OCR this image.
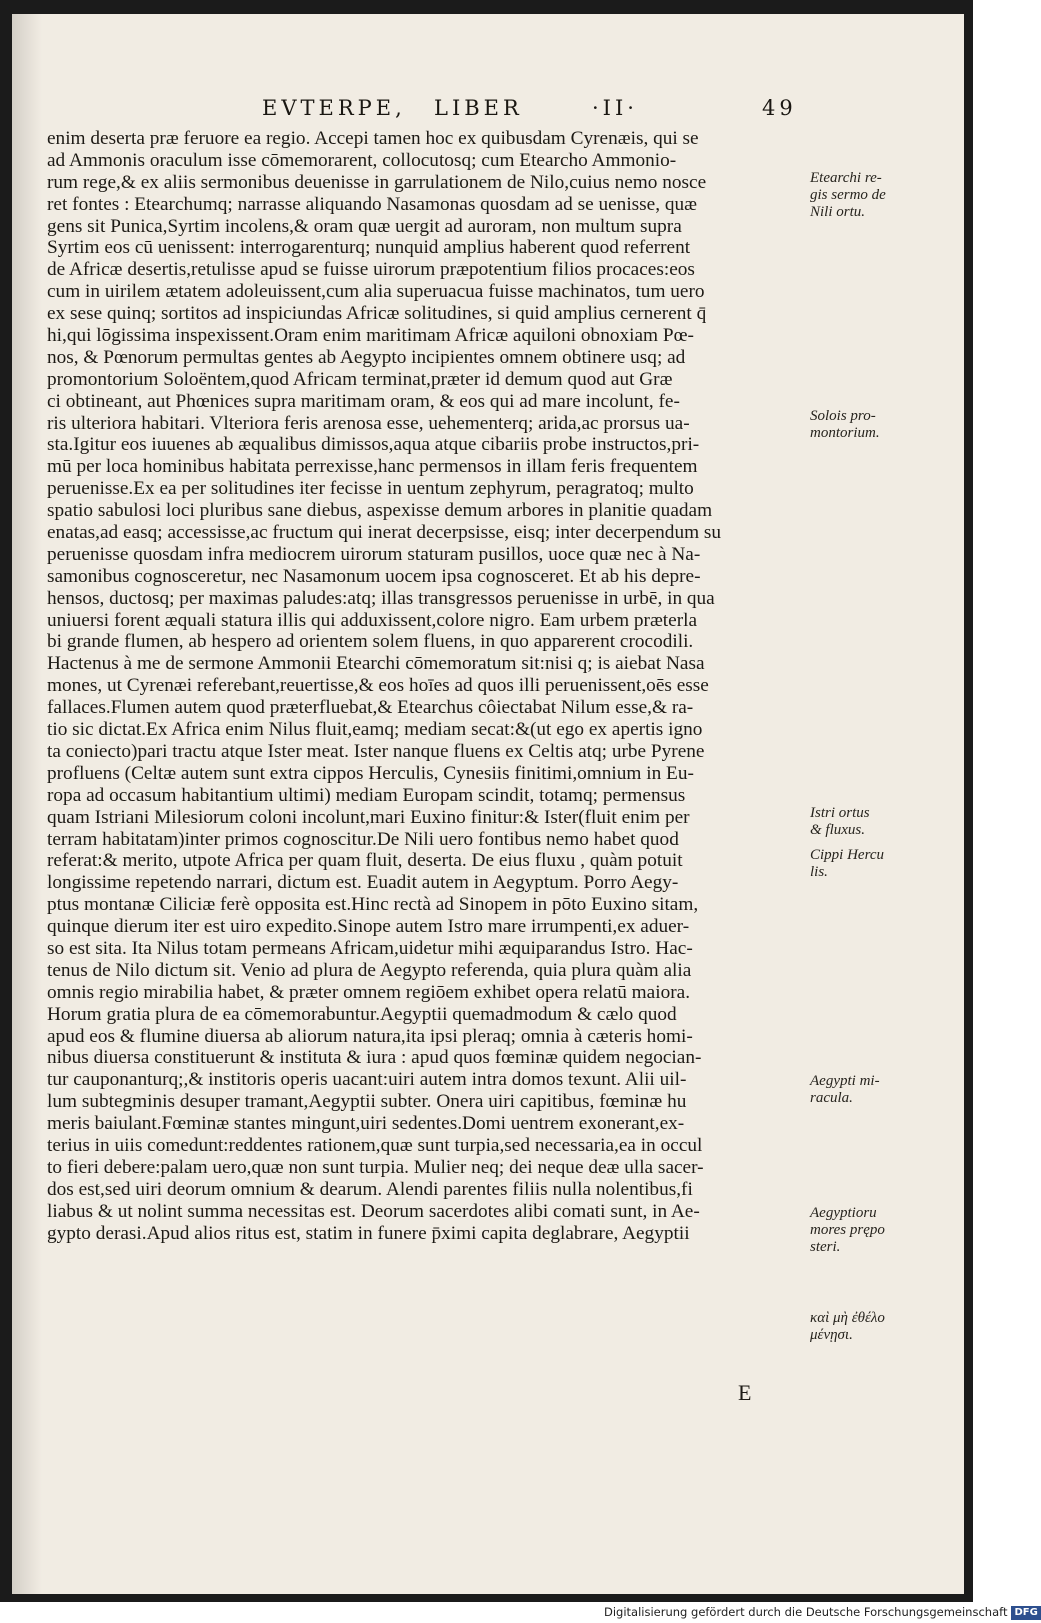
EVTERPE, LIBER	·II·	49
enim deserta præ feruore ea regio. Accepi tamen hoc ex quibusdam Cyrenæis, qui se
ad Ammonis oraculum isse cōmemorarent, collocutosq; cum Etearcho Ammonio-
rum rege,& ex aliis sermonibus deuenisse in garrulationem de Nilo,cuius nemo nosce
ret fontes : Etearchumq; narrasse aliquando Nasamonas quosdam ad se uenisse, quæ
gens sit Punica,Syrtim incolens,& oram quæ uergit ad auroram, non multum supra
Syrtim eos cū uenissent: interrogarenturq; nunquid amplius haberent quod referrent
de Africæ desertis,retulisse apud se fuisse uirorum præpotentium filios procaces:eos
cum in uirilem ætatem adoleuissent,cum alia superuacua fuisse machinatos, tum uero
ex sese quinq; sortitos ad inspiciundas Africæ solitudines, si quid amplius cernerent q̄
hi,qui lōgissima inspexissent.Oram enim maritimam Africæ aquiloni obnoxiam Pœ-
nos, & Pœnorum permultas gentes ab Aegypto incipientes omnem obtinere usq; ad
promontorium Soloëntem,quod Africam terminat,præter id demum quod aut Græ
ci obtineant, aut Phœnices supra maritimam oram, & eos qui ad mare incolunt, fe-
ris ulteriora habitari. Vlteriora feris arenosa esse, uehementerq; arida,ac prorsus ua-
sta.Igitur eos iuuenes ab æqualibus dimissos,aqua atque cibariis probe instructos,pri-
mū per loca hominibus habitata perrexisse,hanc permensos in illam feris frequentem
peruenisse.Ex ea per solitudines iter fecisse in uentum zephyrum, peragratoq; multo
spatio sabulosi loci pluribus sane diebus, aspexisse demum arbores in planitie quadam
enatas,ad easq; accessisse,ac fructum qui inerat decerpsisse, eisq; inter decerpendum su
peruenisse quosdam infra mediocrem uirorum staturam pusillos, uoce quæ nec à Na-
samonibus cognosceretur, nec Nasamonum uocem ipsa cognosceret. Et ab his depre-
hensos, ductosq; per maximas paludes:atq; illas transgressos peruenisse in urbē, in qua
uniuersi forent æquali statura illis qui adduxissent,colore nigro. Eam urbem præterla
bi grande flumen, ab hespero ad orientem solem fluens, in quo apparerent crocodili.
Hactenus à me de sermone Ammonii Etearchi cōmemoratum sit:nisi q; is aiebat Nasa
mones, ut Cyrenæi referebant,reuertisse,& eos hoīes ad quos illi peruenissent,oēs esse
fallaces.Flumen autem quod præterfluebat,& Etearchus côiectabat Nilum esse,& ra-
tio sic dictat.Ex Africa enim Nilus fluit,eamq; mediam secat:&(ut ego ex apertis igno
ta coniecto)pari tractu atque Ister meat. Ister nanque fluens ex Celtis atq; urbe Pyrene
profluens (Celtæ autem sunt extra cippos Herculis, Cynesiis finitimi,omnium in Eu-
ropa ad occasum habitantium ultimi) mediam Europam scindit, totamq; permensus
quam Istriani Milesiorum coloni incolunt,mari Euxino finitur:& Ister(fluit enim per
terram habitatam)inter primos cognoscitur.De Nili uero fontibus nemo habet quod
referat:& merito, utpote Africa per quam fluit, deserta. De eius fluxu , quàm potuit
longissime repetendo narrari, dictum est. Euadit autem in Aegyptum. Porro Aegy-
ptus montanæ Ciliciæ ferè opposita est.Hinc rectà ad Sinopem in pōto Euxino sitam,
quinque dierum iter est uiro expedito.Sinope autem Istro mare irrumpenti,ex aduer-
so est sita. Ita Nilus totam permeans Africam,uidetur mihi æquiparandus Istro. Hac-
tenus de Nilo dictum sit. Venio ad plura de Aegypto referenda, quia plura quàm alia
omnis regio mirabilia habet, & præter omnem regiōem exhibet opera relatū maiora.
Horum gratia plura de ea cōmemorabuntur.Aegyptii quemadmodum & cælo quod
apud eos & flumine diuersa ab aliorum natura,ita ipsi pleraq; omnia à cæteris homi-
nibus diuersa constituerunt & instituta & iura : apud quos fœminæ quidem negocian-
tur cauponanturq;,& institoris operis uacant:uiri autem intra domos texunt. Alii uil-
lum subtegminis desuper tramant,Aegyptii subter. Onera uiri capitibus, fœminæ hu
meris baiulant.Fœminæ stantes mingunt,uiri sedentes.Domi uentrem exonerant,ex-
terius in uiis comedunt:reddentes rationem,quæ sunt turpia,sed necessaria,ea in occul
to fieri debere:palam uero,quæ non sunt turpia. Mulier neq; dei neque deæ ulla sacer-
dos est,sed uiri deorum omnium & dearum. Alendi parentes filiis nulla nolentibus,fi
liabus & ut nolint summa necessitas est. Deorum sacerdotes alibi comati sunt, in Ae-
gypto derasi.Apud alios ritus est, statim in funere p̄ximi capita deglabrare, Aegyptii
Etearchi re-
gis sermo de
Nili ortu.
Solois pro-
montorium.
Istri ortus
& fluxus.
Cippi Hercu
lis.
Aegypti mi-
racula.
Aegyptioru
mores prępo
steri.
καὶ μὴ ἐθέλο
μένῃσι.
E
Digitalisierung gefördert durch die Deutsche Forschungsgemeinschaft DFG
